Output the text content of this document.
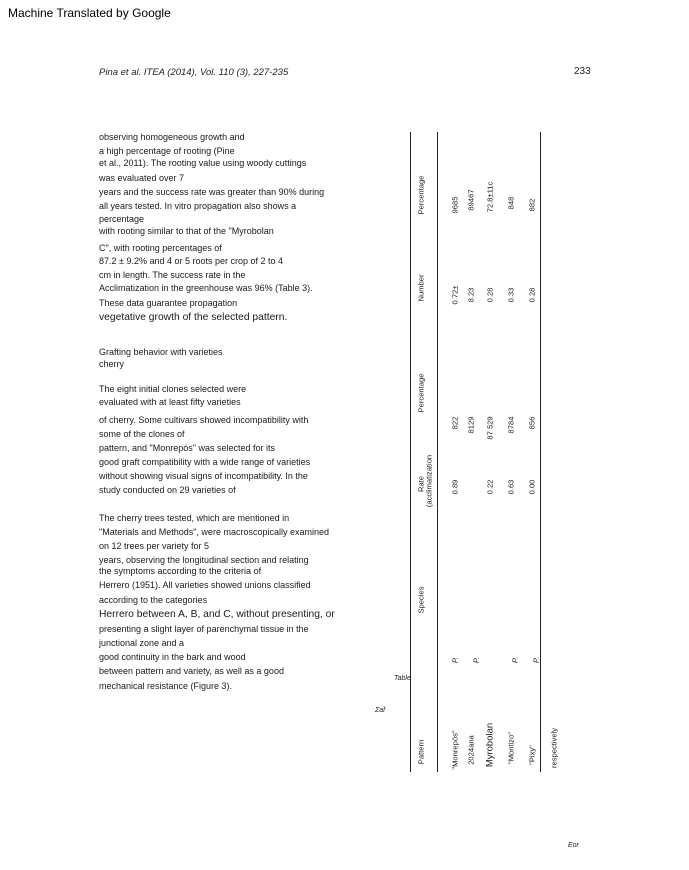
Machine Translated by Google
Pina et al. ITEA (2014), Vol. 110 (3), 227-235	233
observing homogeneous growth and
a high percentage of rooting (Pine
et al., 2011). The rooting value using woody cuttings
was evaluated over 7
years and the success rate was greater than 90% during
all years tested. In vitro propagation also shows a
percentage
with rooting similar to that of the "Myrobolan
C", with rooting percentages of
87.2 ± 9.2% and 4 or 5 roots per crop of 2 to 4
cm in length. The success rate in the
Acclimatization in the greenhouse was 96% (Table 3).
These data guarantee propagation
vegetative growth of the selected pattern.
Grafting behavior with varieties
cherry
The eight initial clones selected were
evaluated with at least fifty varieties
of cherry. Some cultivars showed incompatibility with
some of the clones of
pattern, and "Monrepós" was selected for its
good graft compatibility with a wide range of varieties
without showing visual signs of incompatibility. In the
study conducted on 29 varieties of
The cherry trees tested, which are mentioned in
"Materials and Methods", were macroscopically examined
on 12 trees per variety for 5
years, observing the longitudinal section and relating
the symptoms according to the criteria of
Herrero (1951). All varieties showed unions classified
according to the categories
Herrero between A, B, and C, without presenting, or
presenting a slight layer of parenchymal tissue in the
junctional zone and a
good continuity in the bark and wood
between pattern and variety, as well as a good
mechanical resistance (Figure 3).
Table
Σaf
Eor
Pattern
Species
Rate (acclimatization
Percentage
Number
Percentage
"Monrepós"
P.
0.89
822
0.72±
9685
2024ana
P.
8129
8.23
89467
Myrobolan
0.22
87 529
0.28
72.8±11c
"Montizo"
P.
0.63
8784
0.33
848
"Pixy"
P.
0.00
856
0.28
882
respectively
